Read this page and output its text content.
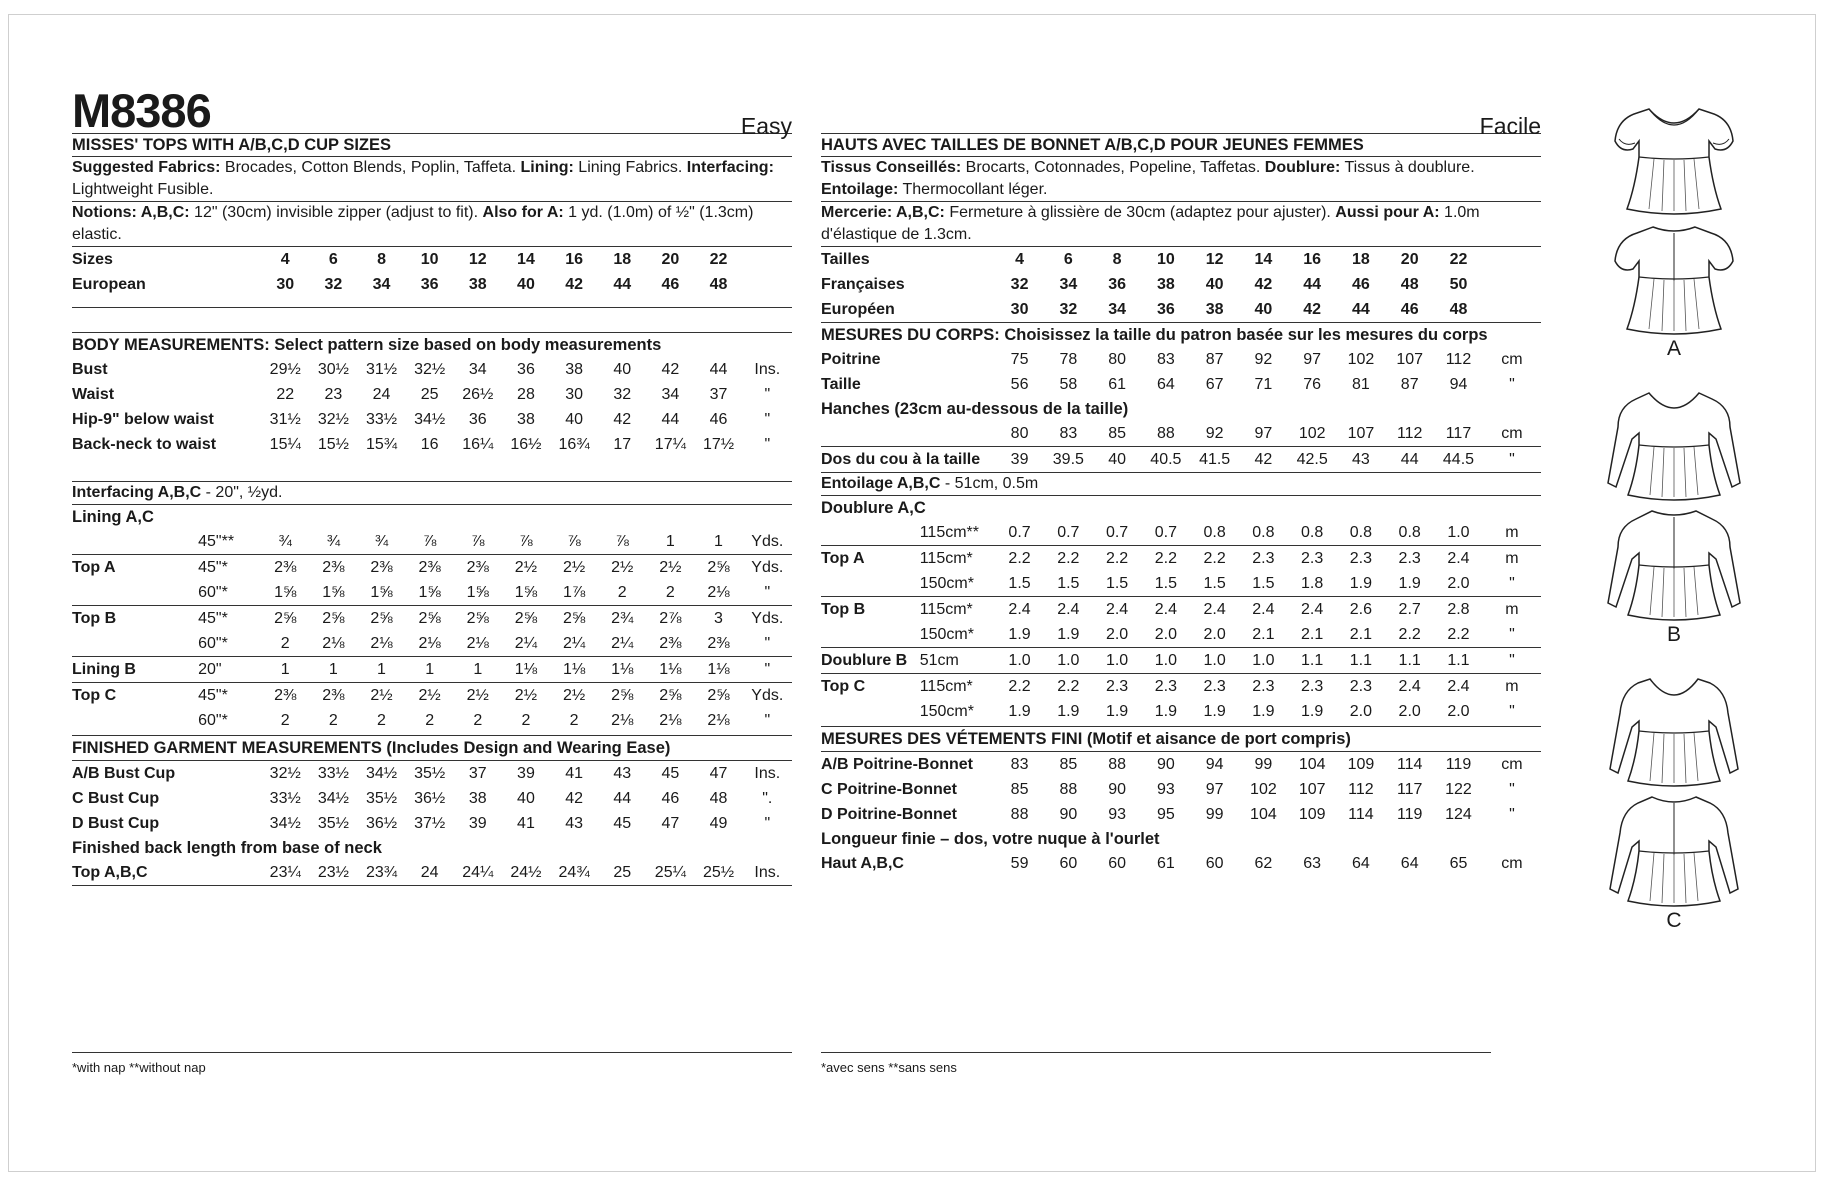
M8386	Easy
MISSES' TOPS WITH A/B,C,D CUP SIZES
Suggested Fabrics: Brocades, Cotton Blends, Poplin, Taffeta. Lining: Lining Fabrics. Interfacing: Lightweight Fusible.
Notions: A,B,C: 12" (30cm) invisible zipper (adjust to fit). Also for A: 1 yd. (1.0m) of ½" (1.3cm) elastic.
Sizes	4	6	8	10	12	14	16	18	20	22	
European	30	32	34	36	38	40	42	44	46	48	
BODY MEASUREMENTS: Select pattern size based on body measurements
Bust	29½	30½	31½	32½	34	36	38	40	42	44	Ins.
Waist	22	23	24	25	26½	28	30	32	34	37	"
Hip-9" below waist	31½	32½	33½	34½	36	38	40	42	44	46	"
Back-neck to waist	15¼	15½	15¾	16	16¼	16½	16¾	17	17¼	17½	"
Interfacing A,B,C - 20", ½yd.
Lining A,C
	45"**	¾	¾	¾	⅞	⅞	⅞	⅞	⅞	1	1	Yds.
Top A	45"*	2⅜	2⅜	2⅜	2⅜	2⅜	2½	2½	2½	2½	2⅝	Yds.
	60"*	1⅝	1⅝	1⅝	1⅝	1⅝	1⅝	1⅞	2	2	2⅛	"
Top B	45"*	2⅝	2⅝	2⅝	2⅝	2⅝	2⅝	2⅝	2¾	2⅞	3	Yds.
	60"*	2	2⅛	2⅛	2⅛	2⅛	2¼	2¼	2¼	2⅜	2⅜	"
Lining B	20"	1	1	1	1	1	1⅛	1⅛	1⅛	1⅛	1⅛	"
Top C	45"*	2⅜	2⅜	2½	2½	2½	2½	2½	2⅝	2⅝	2⅝	Yds.
	60"*	2	2	2	2	2	2	2	2⅛	2⅛	2⅛	"
FINISHED GARMENT MEASUREMENTS (Includes Design and Wearing Ease)
A/B Bust Cup	32½	33½	34½	35½	37	39	41	43	45	47	Ins.
C Bust Cup	33½	34½	35½	36½	38	40	42	44	46	48	".
D Bust Cup	34½	35½	36½	37½	39	41	43	45	47	49	"
Finished back length from base of neck
Top A,B,C	23¼	23½	23¾	24	24¼	24½	24¾	25	25¼	25½	Ins.
Facile
HAUTS AVEC TAILLES DE BONNET A/B,C,D POUR JEUNES FEMMES
Tissus Conseillés: Brocarts, Cotonnades, Popeline, Taffetas. Doublure: Tissus à doublure.
Entoilage: Thermocollant léger.
Mercerie: A,B,C: Fermeture à glissière de 30cm (adaptez pour ajuster). Aussi pour A: 1.0m d'élastique de 1.3cm.
Tailles	4	6	8	10	12	14	16	18	20	22	
Françaises	32	34	36	38	40	42	44	46	48	50	
Européen	30	32	34	36	38	40	42	44	46	48	
MESURES DU CORPS: Choisissez la taille du patron basée sur les mesures du corps
Poitrine	75	78	80	83	87	92	97	102	107	112	cm
Taille	56	58	61	64	67	71	76	81	87	94	"
Hanches (23cm au-dessous de la taille)
	80	83	85	88	92	97	102	107	112	117	cm
Dos du cou à la taille	39	39.5	40	40.5	41.5	42	42.5	43	44	44.5	"
Entoilage A,B,C - 51cm, 0.5m
Doublure A,C
	115cm**	0.7	0.7	0.7	0.7	0.8	0.8	0.8	0.8	0.8	1.0	m
Top A	115cm*	2.2	2.2	2.2	2.2	2.2	2.3	2.3	2.3	2.3	2.4	m
	150cm*	1.5	1.5	1.5	1.5	1.5	1.5	1.8	1.9	1.9	2.0	"
Top B	115cm*	2.4	2.4	2.4	2.4	2.4	2.4	2.4	2.6	2.7	2.8	m
	150cm*	1.9	1.9	2.0	2.0	2.0	2.1	2.1	2.1	2.2	2.2	"
Doublure B	51cm	1.0	1.0	1.0	1.0	1.0	1.0	1.1	1.1	1.1	1.1	"
Top C	115cm*	2.2	2.2	2.3	2.3	2.3	2.3	2.3	2.3	2.4	2.4	m
	150cm*	1.9	1.9	1.9	1.9	1.9	1.9	1.9	2.0	2.0	2.0	"
MESURES DES VÉTEMENTS FINI (Motif et aisance de port compris)
A/B Poitrine-Bonnet	83	85	88	90	94	99	104	109	114	119	cm
C Poitrine-Bonnet	85	88	90	93	97	102	107	112	117	122	"
D Poitrine-Bonnet	88	90	93	95	99	104	109	114	119	124	"
Longueur finie – dos, votre nuque à l'ourlet
Haut A,B,C	59	60	60	61	60	62	63	64	64	65	cm
*with nap **without nap	*avec sens **sans sens
A
B
C
